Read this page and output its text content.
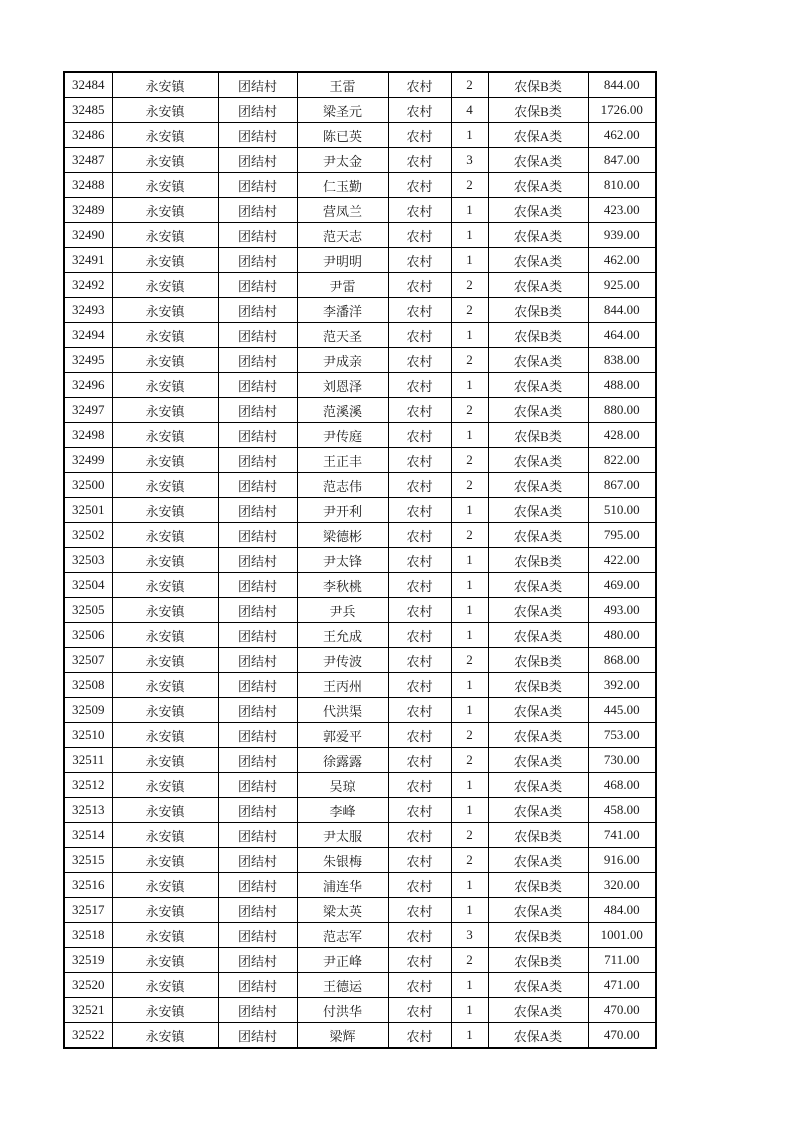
32484	永安镇	团结村	王雷	农村	2	农保B类	844.00
32485	永安镇	团结村	梁圣元	农村	4	农保B类	1726.00
32486	永安镇	团结村	陈已英	农村	1	农保A类	462.00
32487	永安镇	团结村	尹太金	农村	3	农保A类	847.00
32488	永安镇	团结村	仁玉勤	农村	2	农保A类	810.00
32489	永安镇	团结村	营凤兰	农村	1	农保A类	423.00
32490	永安镇	团结村	范天志	农村	1	农保A类	939.00
32491	永安镇	团结村	尹明明	农村	1	农保A类	462.00
32492	永安镇	团结村	尹雷	农村	2	农保A类	925.00
32493	永安镇	团结村	李潘洋	农村	2	农保B类	844.00
32494	永安镇	团结村	范天圣	农村	1	农保B类	464.00
32495	永安镇	团结村	尹成亲	农村	2	农保A类	838.00
32496	永安镇	团结村	刘恩泽	农村	1	农保A类	488.00
32497	永安镇	团结村	范溪溪	农村	2	农保A类	880.00
32498	永安镇	团结村	尹传庭	农村	1	农保B类	428.00
32499	永安镇	团结村	王正丰	农村	2	农保A类	822.00
32500	永安镇	团结村	范志伟	农村	2	农保A类	867.00
32501	永安镇	团结村	尹开利	农村	1	农保A类	510.00
32502	永安镇	团结村	梁德彬	农村	2	农保A类	795.00
32503	永安镇	团结村	尹太锋	农村	1	农保B类	422.00
32504	永安镇	团结村	李秋桃	农村	1	农保A类	469.00
32505	永安镇	团结村	尹兵	农村	1	农保A类	493.00
32506	永安镇	团结村	王允成	农村	1	农保A类	480.00
32507	永安镇	团结村	尹传波	农村	2	农保B类	868.00
32508	永安镇	团结村	王丙州	农村	1	农保B类	392.00
32509	永安镇	团结村	代洪渠	农村	1	农保A类	445.00
32510	永安镇	团结村	郭爱平	农村	2	农保A类	753.00
32511	永安镇	团结村	徐露露	农村	2	农保A类	730.00
32512	永安镇	团结村	吴琼	农村	1	农保A类	468.00
32513	永安镇	团结村	李峰	农村	1	农保A类	458.00
32514	永安镇	团结村	尹太服	农村	2	农保B类	741.00
32515	永安镇	团结村	朱银梅	农村	2	农保A类	916.00
32516	永安镇	团结村	浦连华	农村	1	农保B类	320.00
32517	永安镇	团结村	梁太英	农村	1	农保A类	484.00
32518	永安镇	团结村	范志军	农村	3	农保B类	1001.00
32519	永安镇	团结村	尹正峰	农村	2	农保B类	711.00
32520	永安镇	团结村	王德运	农村	1	农保A类	471.00
32521	永安镇	团结村	付洪华	农村	1	农保A类	470.00
32522	永安镇	团结村	梁辉	农村	1	农保A类	470.00
